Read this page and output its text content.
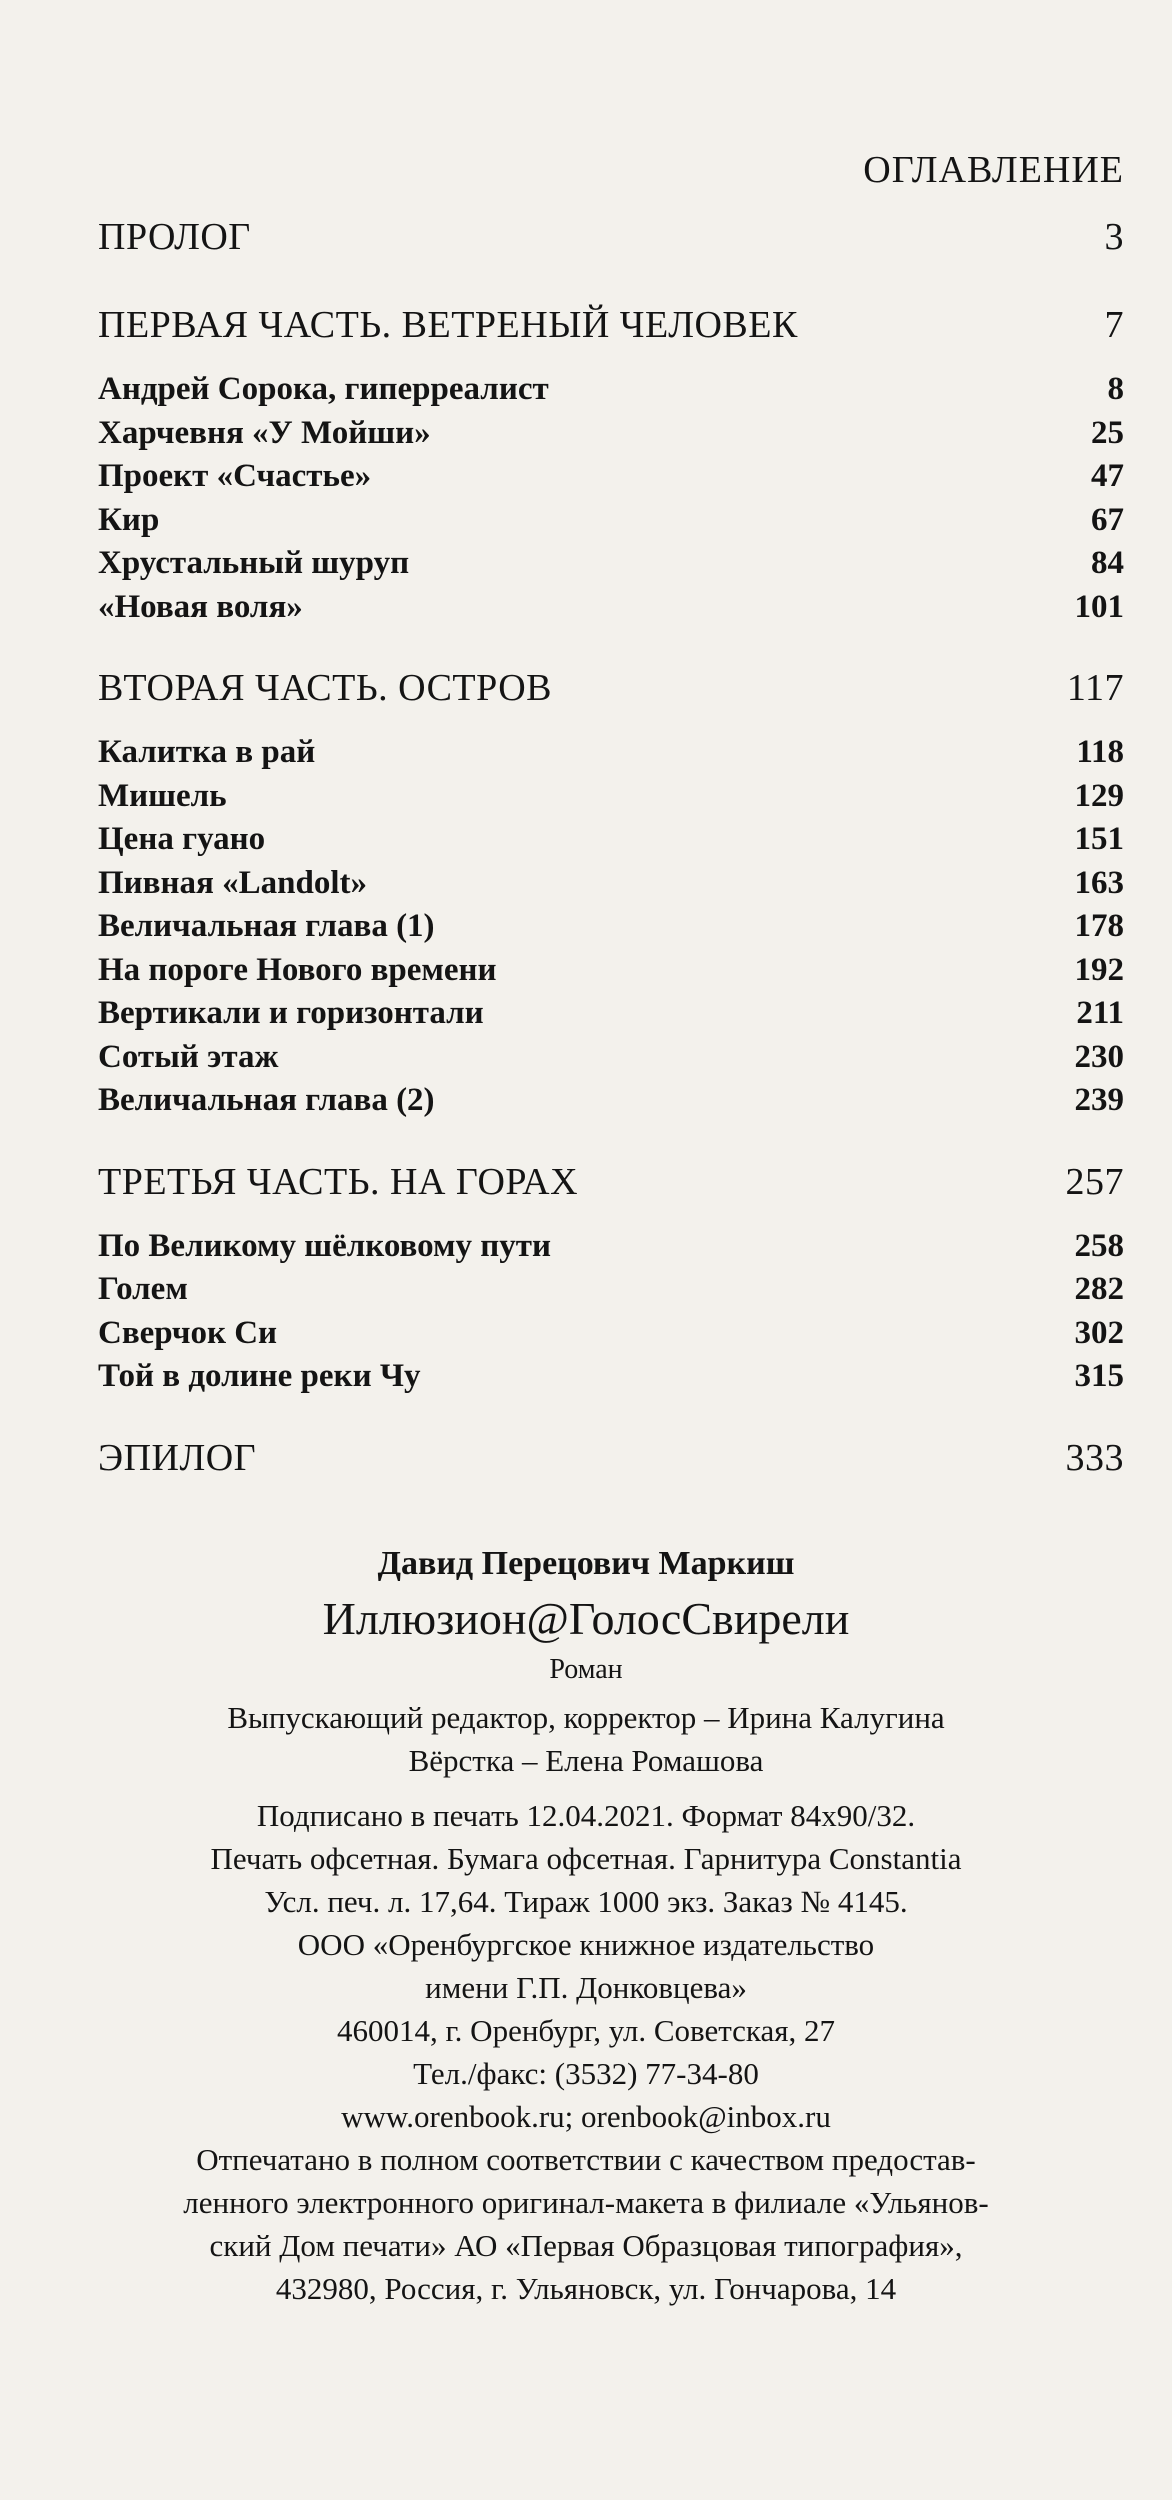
ОГЛАВЛЕНИЕ
ПРОЛОГ	3
ПЕРВАЯ ЧАСТЬ. ВЕТРЕНЫЙ ЧЕЛОВЕК	7
Андрей Сорока, гиперреалист	8
Харчевня «У Мойши»	25
Проект «Счастье»	47
Кир	67
Хрустальный шуруп	84
«Новая воля»	101
ВТОРАЯ ЧАСТЬ. ОСТРОВ	117
Калитка в рай	118
Мишель	129
Цена гуано	151
Пивная «Landolt»	163
Величальная глава (1)	178
На пороге Нового времени	192
Вертикали и горизонтали	211
Сотый этаж	230
Величальная глава (2)	239
ТРЕТЬЯ ЧАСТЬ. НА ГОРАХ	257
По Великому шёлковому пути	258
Голем	282
Сверчок Си	302
Той в долине реки Чу	315
ЭПИЛОГ	333
Давид Перецович Маркиш
Иллюзион@ГолосСвирели
Роман
Выпускающий редактор, корректор – Ирина Калугина
Вёрстка – Елена Ромашова
Подписано в печать 12.04.2021. Формат 84х90/32.
Печать офсетная. Бумага офсетная. Гарнитура Constantia
Усл. печ. л. 17,64. Тираж 1000 экз. Заказ № 4145.
ООО «Оренбургское книжное издательство
имени Г.П. Донковцева»
460014, г. Оренбург, ул. Советская, 27
Тел./факс: (3532) 77-34-80
www.orenbook.ru; orenbook@inbox.ru
Отпечатано в полном соответствии с качеством предостав-
ленного электронного оригинал-макета в филиале «Ульянов-
ский Дом печати» АО «Первая Образцовая типография»,
432980, Россия, г. Ульяновск, ул. Гончарова, 14
